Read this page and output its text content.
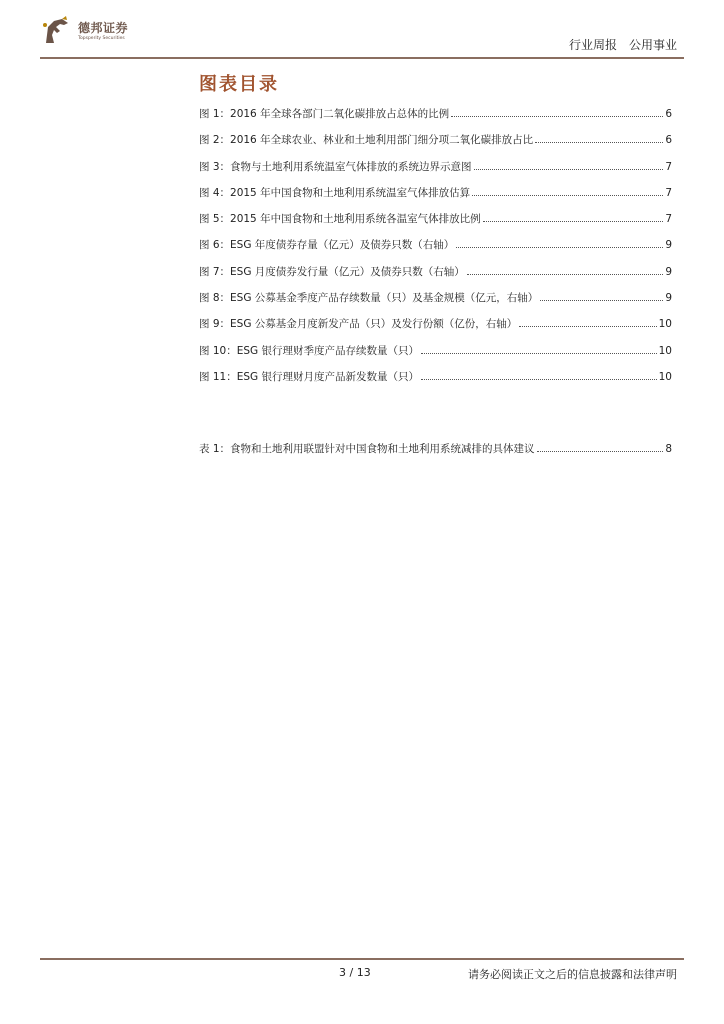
德邦证券
Topsperity Securities	行业周报　公用事业
图表目录
图 1：2016 年全球各部门二氧化碳排放占总体的比例	6
图 2：2016 年全球农业、林业和土地利用部门细分项二氧化碳排放占比	6
图 3：食物与土地利用系统温室气体排放的系统边界示意图	7
图 4：2015 年中国食物和土地利用系统温室气体排放估算	7
图 5：2015 年中国食物和土地利用系统各温室气体排放比例	7
图 6：ESG 年度债券存量（亿元）及债券只数（右轴）	9
图 7：ESG 月度债券发行量（亿元）及债券只数（右轴）	9
图 8：ESG 公募基金季度产品存续数量（只）及基金规模（亿元，右轴）	9
图 9：ESG 公募基金月度新发产品（只）及发行份额（亿份，右轴）	10
图 10：ESG 银行理财季度产品存续数量（只）	10
图 11：ESG 银行理财月度产品新发数量（只）	10
表 1：食物和土地利用联盟针对中国食物和土地利用系统减排的具体建议	8
3 / 13	请务必阅读正文之后的信息披露和法律声明
